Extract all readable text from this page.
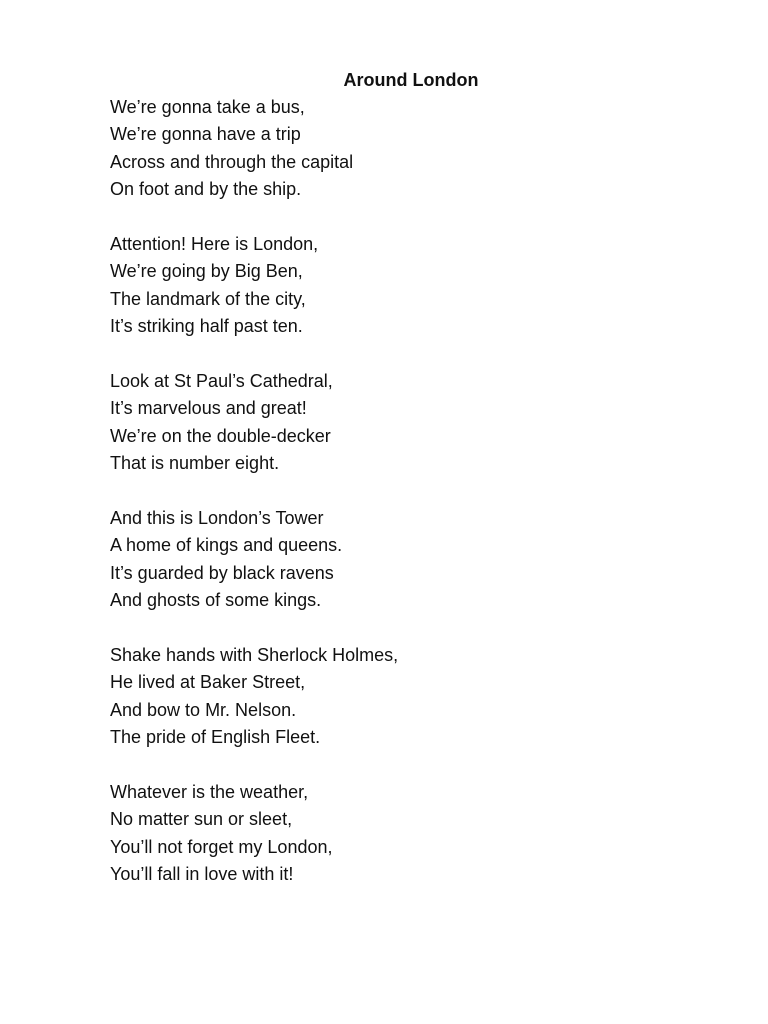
Around London
We’re gonna take a bus,
We’re gonna have a trip
Across and through the capital
On foot and by the ship.
Attention! Here is London,
We’re going by Big Ben,
The landmark of the city,
It’s striking half past ten.
Look at St Paul’s Cathedral,
It’s marvelous and great!
We’re on the double-decker
That is number eight.
And this is London’s Tower
A home of kings and queens.
It’s guarded by black ravens
And ghosts of some kings.
Shake hands with Sherlock Holmes,
He lived at Baker Street,
And bow to Mr. Nelson.
The pride of English Fleet.
Whatever is the weather,
No matter sun or sleet,
You’ll not forget my London,
You’ll fall in love with it!
